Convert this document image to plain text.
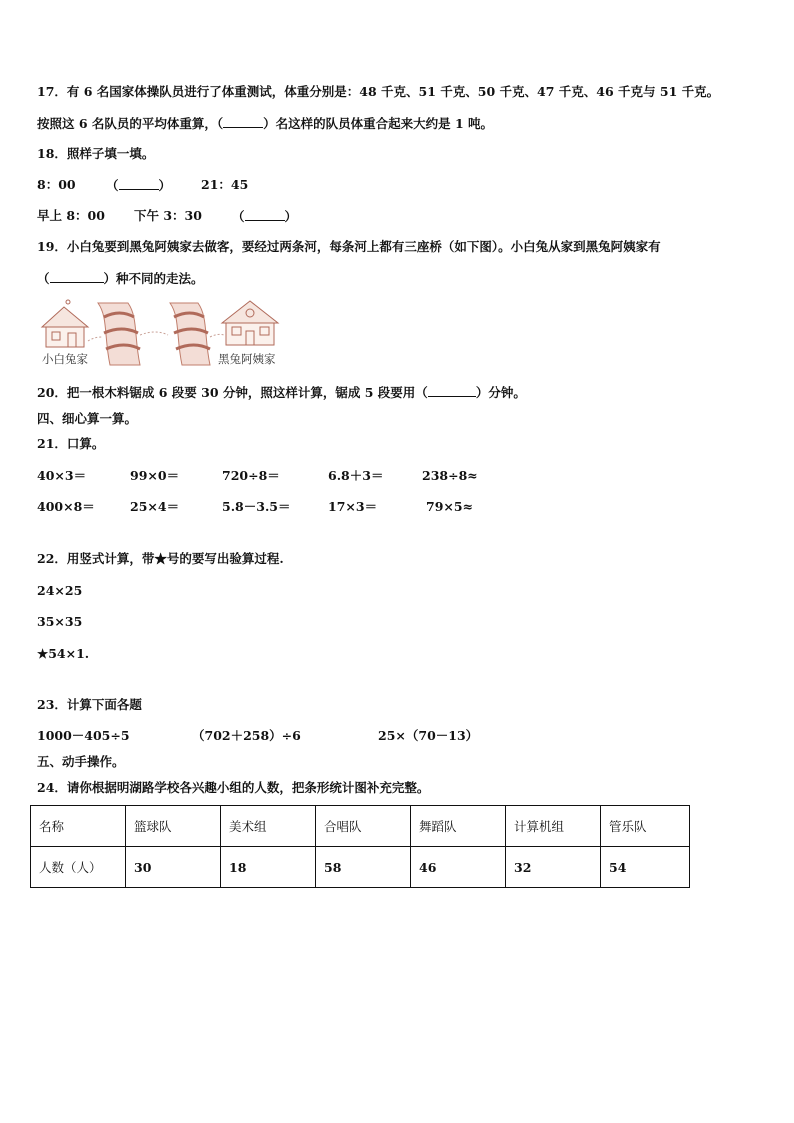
17．有 6 名国家体操队员进行了体重测试，体重分别是：48 千克、51 千克、50 千克、47 千克、46 千克与 51 千克。
按照这 6 名队员的平均体重算，（	）名这样的队员体重合起来大约是 1 吨。
18．照样子填一填。
8：00 （	） 21：45
早上 8：00 下午 3：30 （	）
19．小白兔要到黑兔阿姨家去做客，要经过两条河，每条河上都有三座桥（如下图）。小白兔从家到黑兔阿姨家有
（	）种不同的走法。
小白兔家	黑兔阿姨家
20．把一根木料锯成 6 段要 30 分钟，照这样计算，锯成 5 段要用（	）分钟。
四、细心算一算。
21．口算。
40×3＝	99×0＝	720÷8＝	6.8＋3＝	238÷8≈
400×8＝	25×4＝	5.8－3.5＝	17×3＝	79×5≈
22．用竖式计算，带★号的要写出验算过程.
24×25
35×35
★54×1.
23．计算下面各题
1000－405÷5	（702＋258）÷6	25×（70－13）
五、动手操作。
24．请你根据明湖路学校各兴趣小组的人数，把条形统计图补充完整。
名称	篮球队	美术组	合唱队	舞蹈队	计算机组	管乐队
人数（人）	30	18	58	46	32	54
